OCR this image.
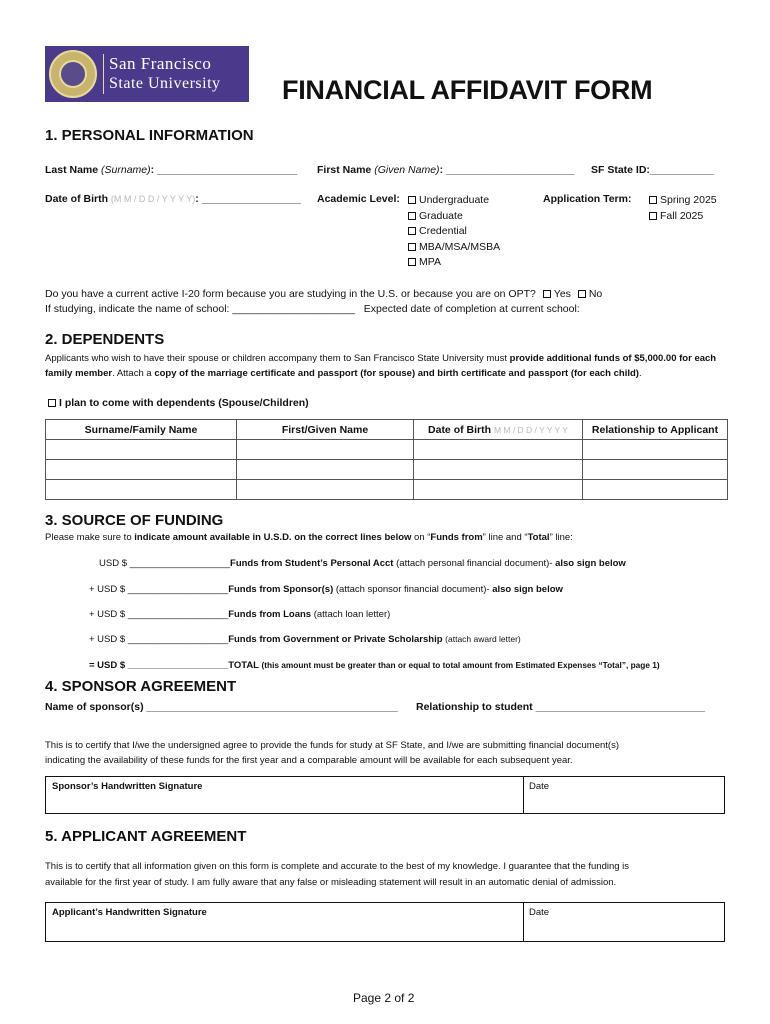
San Francisco
State University FINANCIAL AFFIDAVIT FORM
1. PERSONAL INFORMATION
Last Name (Surname): ________________________ First Name (Given Name): ______________________ SF State ID:___________
Date of Birth (M M / D D / Y Y Y Y): _________________ Academic Level:	Undergraduate
Graduate
Credential
MBA/MSA/MSBA
MPA
Application Term:	Spring 2025
Fall 2025
Do you have a current active I-20 form because you are studying in the U.S. or because you are on OPT? Yes No
If studying, indicate the name of school: _____________________ Expected date of completion at current school:
2. DEPENDENTS
Applicants who wish to have their spouse or children accompany them to San Francisco State University must provide additional funds of $5,000.00 for each family member. Attach a copy of the marriage certificate and passport (for spouse) and birth certificate and passport (for each child).
I plan to come with dependents (Spouse/Children)
Surname/Family Name	First/Given Name	Date of Birth M M / D D / Y Y Y Y	Relationship to Applicant

3. SOURCE OF FUNDING
Please make sure to indicate amount available in U.S.D. on the correct lines below on “Funds from” line and “Total” line:
USD $ ___________________Funds from Student’s Personal Acct (attach personal financial document)- also sign below
+ USD $ ___________________Funds from Sponsor(s) (attach sponsor financial document)- also sign below
+ USD $ ___________________Funds from Loans (attach loan letter)
+ USD $ ___________________Funds from Government or Private Scholarship (attach award letter)
= USD $ ___________________TOTAL (this amount must be greater than or equal to total amount from Estimated Expenses “Total”, page 1)
4. SPONSOR AGREEMENT
Name of sponsor(s) ___________________________________________ Relationship to student _____________________________
This is to certify that I/we the undersigned agree to provide the funds for study at SF State, and I/we are submitting financial document(s)
indicating the availability of these funds for the first year and a comparable amount will be available for each subsequent year.
Sponsor’s Handwritten Signature	Date
5. APPLICANT AGREEMENT
This is to certify that all information given on this form is complete and accurate to the best of my knowledge. I guarantee that the funding is
available for the first year of study. I am fully aware that any false or misleading statement will result in an automatic denial of admission.
Applicant’s Handwritten Signature	Date
Page 2 of 2
